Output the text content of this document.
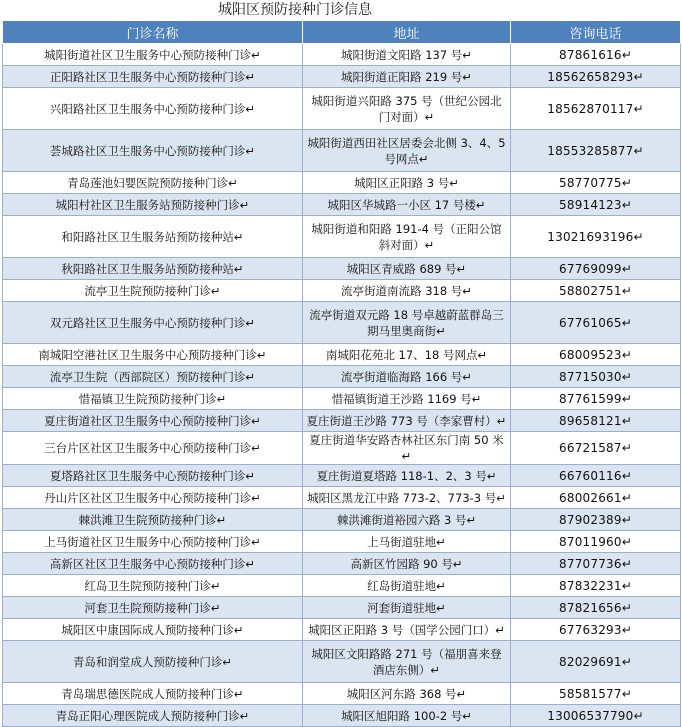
城阳区预防接种门诊信息
门诊名称	地址	咨询电话
城阳街道社区卫生服务中心预防接种门诊↵	城阳街道文阳路 137 号↵	87861616↵
正阳路社区卫生服务中心预防接种门诊↵	城阳街道正阳路 219 号↵	18562658293↵
兴阳路社区卫生服务中心预防接种门诊↵	城阳街道兴阳路 375 号（世纪公园北门对面）↵	18562870117↵
荟城路社区卫生服务中心预防接种门诊↵	城阳街道西田社区居委会北侧 3、4、5 号网点↵	18553285877↵
青岛莲池妇婴医院预防接种门诊↵	城阳区正阳路 3 号↵	58770775↵
城阳村社区卫生服务站预防接种门诊↵	城阳区华城路一小区 17 号楼↵	58914123↵
和阳路社区卫生服务站预防接种站↵	城阳街道和阳路 191-4 号（正阳公馆斜对面）↵	13021693196↵
秋阳路社区卫生服务站预防接种站↵	城阳区青威路 689 号↵	67769099↵
流亭卫生院预防接种门诊↵	流亭街道南流路 318 号↵	58802751↵
双元路社区卫生服务中心预防接种门诊↵	流亭街道双元路 18 号卓越蔚蓝群岛三期马里奥商街↵	67761065↵
南城阳空港社区卫生服务中心预防接种门诊↵	南城阳花苑北 17、18 号网点↵	68009523↵
流亭卫生院（西部院区）预防接种门诊↵	流亭街道临海路 166 号↵	87715030↵
惜福镇卫生院预防接种门诊↵	惜福镇街道王沙路 1169 号↵	87761599↵
夏庄街道社区卫生服务中心预防接种门诊↵	夏庄街道王沙路 773 号（李家曹村）↵	89658121↵
三台片区社区卫生服务中心预防接种门诊↵	夏庄街道华安路杏林社区东门南 50 米↵	66721587↵
夏塔路社区卫生服务中心预防接种门诊↵	夏庄街道夏塔路 118-1、2、3 号↵	66760116↵
丹山片区社区卫生服务中心预防接种门诊↵	城阳区黑龙江中路 773-2、773-3 号↵	68002661↵
棘洪滩卫生院预防接种门诊↵	棘洪滩街道裕园六路 3 号↵	87902389↵
上马街道社区卫生服务中心预防接种门诊↵	上马街道驻地↵	87011960↵
高新区社区卫生服务中心预防接种门诊↵	高新区竹园路 90 号↵	87707736↵
红岛卫生院预防接种门诊↵	红岛街道驻地↵	87832231↵
河套卫生院预防接种门诊↵	河套街道驻地↵	87821656↵
城阳区中康国际成人预防接种门诊↵	城阳区正阳路 3 号（国学公园门口）↵	67763293↵
青岛和润堂成人预防接种门诊↵	城阳区文阳路路 271 号（福朋喜来登酒店东侧）↵	82029691↵
青岛瑞思德医院成人预防接种门诊↵	城阳区河东路 368 号↵	58581577↵
青岛正阳心理医院成人预防接种门诊↵	城阳区旭阳路 100-2 号↵	13006537790↵
